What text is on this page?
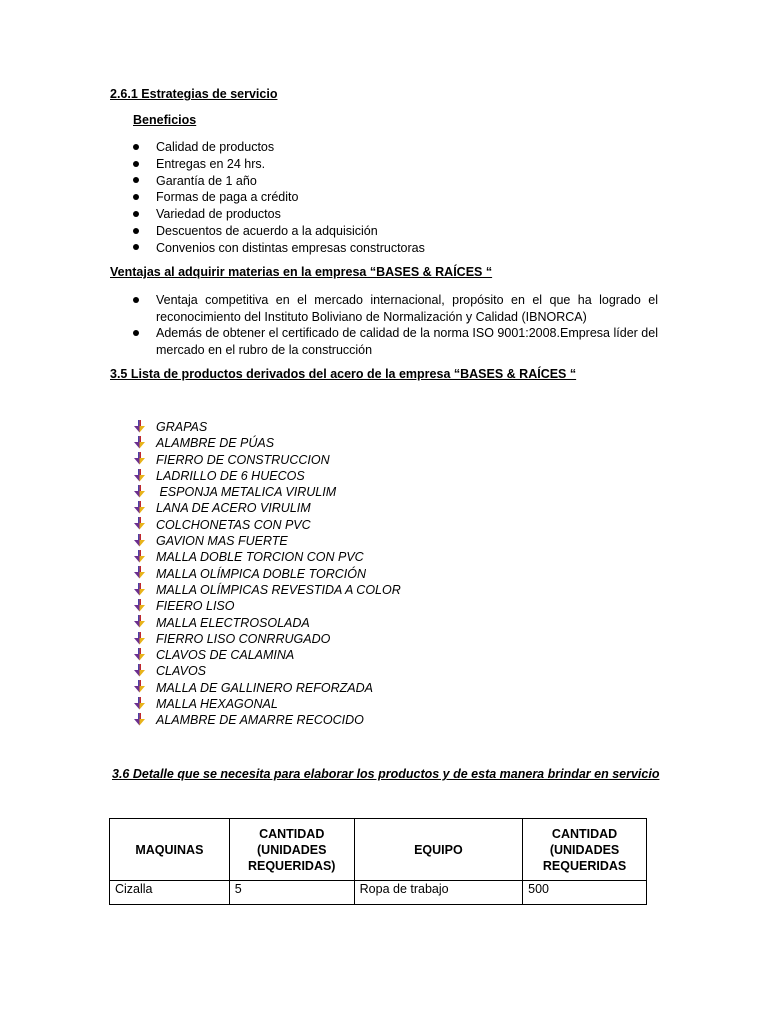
2.6.1 Estrategias de servicio
Beneficios
Calidad de productos
Entregas en 24 hrs.
Garantía de 1 año
Formas de paga a crédito
Variedad de productos
Descuentos de acuerdo a la adquisición
Convenios con distintas empresas constructoras
Ventajas al adquirir materias en la empresa “BASES & RAÍCES “
Ventaja competitiva en el mercado internacional, propósito en el que ha logrado el reconocimiento del Instituto Boliviano de Normalización y Calidad (IBNORCA)
Además de obtener el certificado de calidad de la norma ISO 9001:2008.Empresa líder del mercado en el rubro de la construcción
3.5 Lista de productos derivados del acero de la empresa “BASES & RAÍCES “
GRAPAS
ALAMBRE DE PÚAS
FIERRO DE CONSTRUCCION
LADRILLO DE 6 HUECOS
ESPONJA METALICA VIRULIM
LANA DE ACERO VIRULIM
COLCHONETAS CON PVC
GAVION MAS FUERTE
MALLA DOBLE TORCION CON PVC
MALLA OLÍMPICA DOBLE TORCIÓN
MALLA OLÍMPICAS REVESTIDA A COLOR
FIEERO LISO
MALLA ELECTROSOLADA
FIERRO LISO CONRRUGADO
CLAVOS DE CALAMINA
CLAVOS
MALLA DE GALLINERO REFORZADA
MALLA HEXAGONAL
ALAMBRE DE AMARRE RECOCIDO
3.6 Detalle que se necesita para elaborar los productos y de esta manera brindar en servicio
MAQUINAS	CANTIDAD (UNIDADES REQUERIDAS)	EQUIPO	CANTIDAD (UNIDADES REQUERIDAS
Cizalla	5	Ropa de trabajo	500
